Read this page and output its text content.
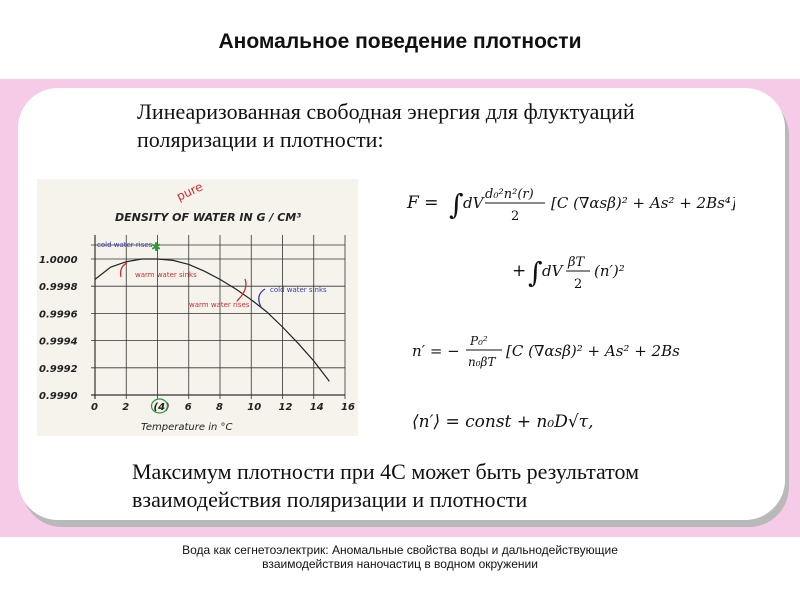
Аномальное поведение плотности

Линеаризованная свободная энергия для флуктуаций поляризации и плотности:

DENSITY OF WATER IN G / CM³
1.0000
0.9998
0.9996
0.9994
0.9992
0.9990
0 2 (4) 6 8 10 12 14 16
Temperature in °C
pure
✱
cold water rises
warm water sinks
cold water sinks
warm water rises
F = ∫ dV d₀²n²(r)
2
[C (∇αsβ)² + As² + 2Bs⁴] +
+ ∫ dV βT
2
(n′)²
n′ = −
P₀²
n₀βT
[C (∇αsβ)² + As² + 2Bs⁴]
⟨n′⟩ = const + n₀D√τ,

Максимум плотности при 4С может быть результатом взаимодействия поляризации и плотности

Вода как сегнетоэлектрик: Аномальные свойства воды и дальнодействующие взаимодействия наночастиц в водном окружении
